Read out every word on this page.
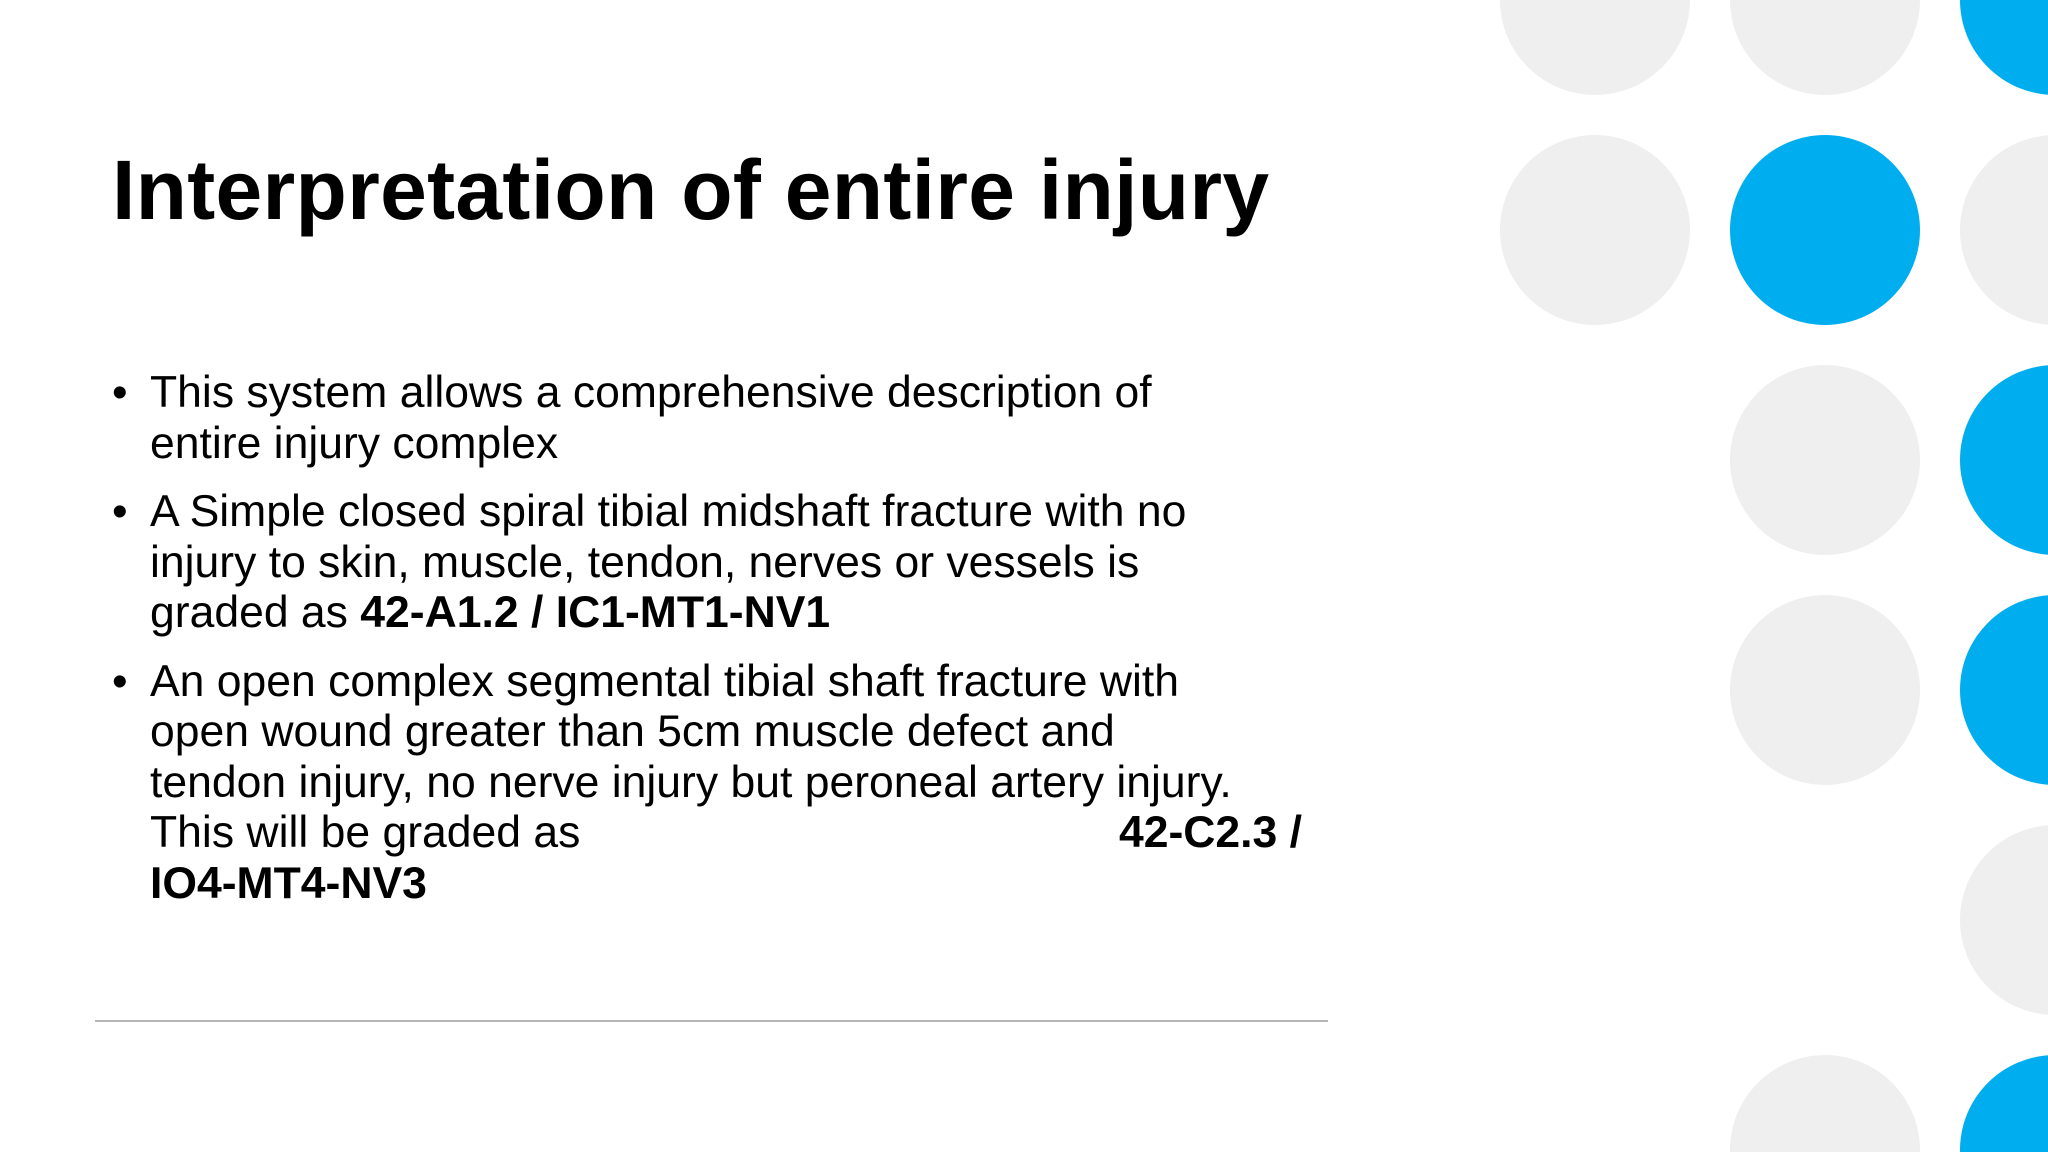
Interpretation of entire injury
• This system allows a comprehensive description of
entire injury complex
• A Simple closed spiral tibial midshaft fracture with no
injury to skin, muscle, tendon, nerves or vessels is
graded as 42-A1.2 / IC1-MT1-NV1
• An open complex segmental tibial shaft fracture with
open wound greater than 5cm muscle defect and
tendon injury, no nerve injury but peroneal artery injury.
This will be graded as	42-C2.3 /
IO4-MT4-NV3
